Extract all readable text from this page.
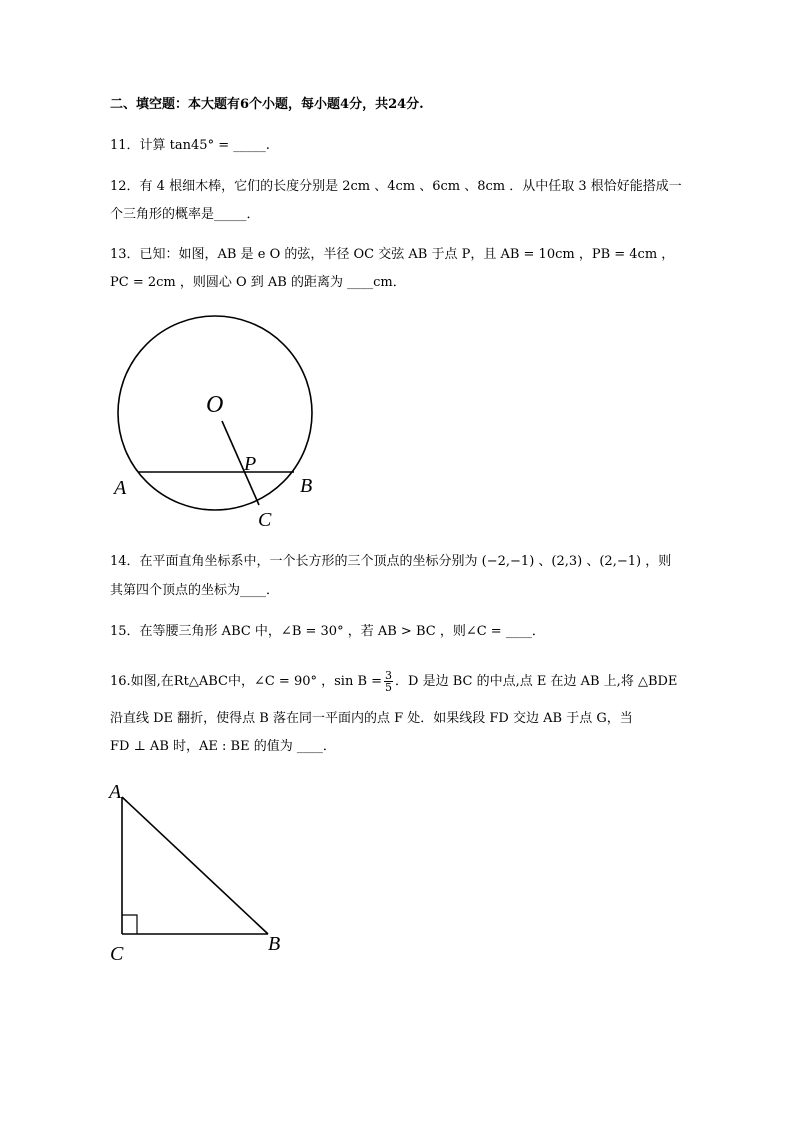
二、填空题：本大题有6个小题，每小题4分，共24分.
11．计算 tan45° = _____.
12．有 4 根细木棒，它们的长度分别是 2cm 、4cm 、6cm 、8cm ．从中任取 3 根恰好能搭成一
个三角形的概率是_____．
13．已知：如图，AB 是 e O 的弦，半径 OC 交弦 AB 于点 P，且 AB = 10cm ，PB = 4cm ，
PC = 2cm ，则圆心 O 到 AB 的距离为 ____cm．
O
P
A	B
C
14．在平面直角坐标系中，一个长方形的三个顶点的坐标分别为 (−2,−1) 、(2,3) 、(2,−1) ，则
其第四个顶点的坐标为____．
15．在等腰三角形 ABC 中，∠B = 30° ，若 AB > BC ，则∠C = ____．
16.如图,在Rt△ABC中，∠C = 90° ，$\sin B = \frac{3}{5}$ ．D 是边 BC 的中点,点 E 在边 AB 上,将 △BDE
沿直线 DE 翻折，使得点 B 落在同一平面内的点 F 处．如果线段 FD 交边 AB 于点 G，当
FD ⊥ AB 时，AE : BE 的值为 ____．
A
B
C
